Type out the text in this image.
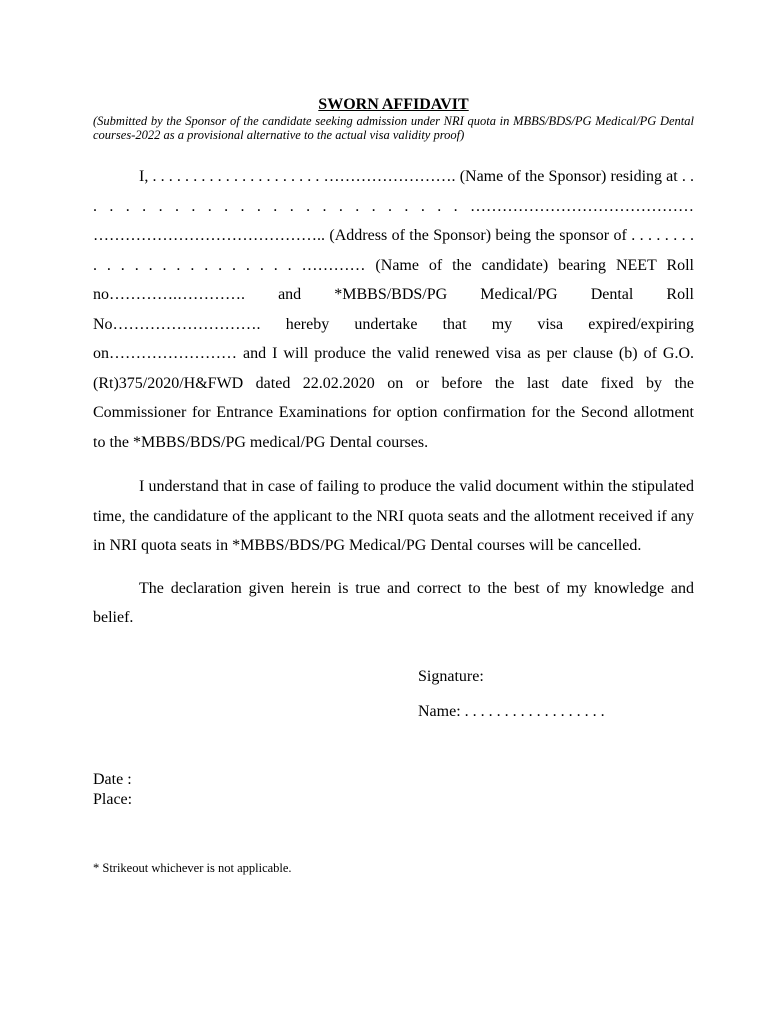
SWORN AFFIDAVIT

(Submitted by the Sponsor of the candidate seeking admission under NRI quota in MBBS/BDS/PG Medical/PG Dental courses-2022 as a provisional alternative to the actual visa validity proof)

I, . . . . . . . . . . . . . . . . . . . . . ……………………. (Name of the Sponsor) residing at . . . . . . . . . . . . . . . . . . . . . . . . . …………………………………… …………………………………….. (Address of the Sponsor) being the sponsor of . . . . . . . . . . . . . . . . . . . . . . . ………… (Name of the candidate) bearing NEET Roll no………….…………. and *MBBS/BDS/PG Medical/PG Dental Roll No………………………. hereby undertake that my visa expired/expiring on…………………… and I will produce the valid renewed visa as per clause (b) of G.O.(Rt)375/2020/H&FWD dated 22.02.2020 on or before the last date fixed by the Commissioner for Entrance Examinations for option confirmation for the Second allotment to the *MBBS/BDS/PG medical/PG Dental courses.

I understand that in case of failing to produce the valid document within the stipulated time, the candidature of the applicant to the NRI quota seats and the allotment received if any in NRI quota seats in *MBBS/BDS/PG Medical/PG Dental courses will be cancelled.

The declaration given herein is true and correct to the best of my knowledge and belief.

Signature:
Name: . . . . . . . . . . . . . . . . . .
Date :
Place:
* Strikeout whichever is not applicable.
